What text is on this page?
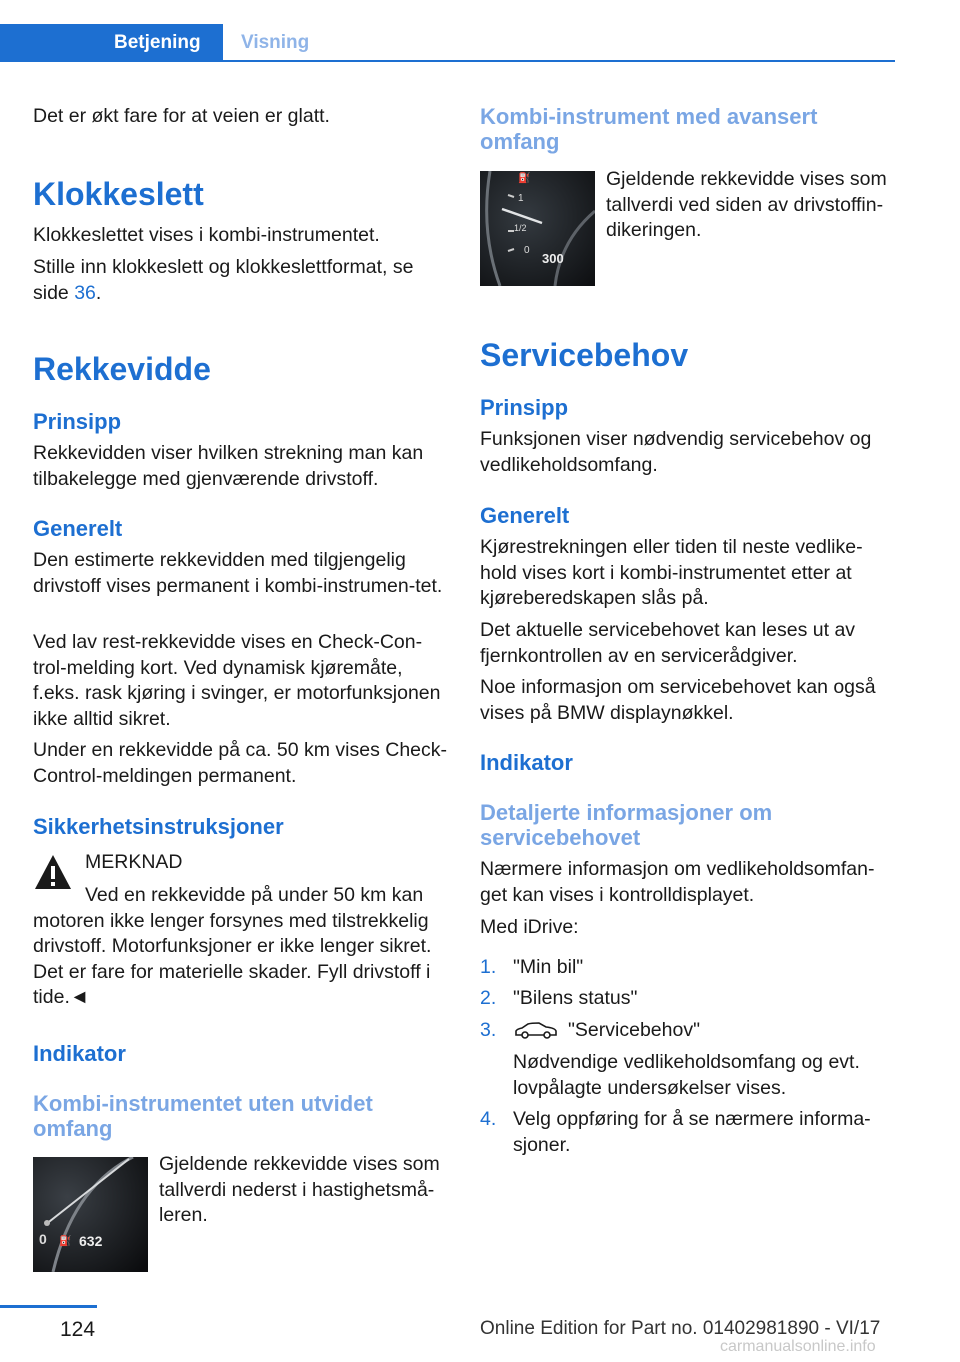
Betjening	Visning

Det er økt fare for at veien er glatt.

Klokkeslett

Klokkeslettet vises i kombi-instrumentet.

Stille inn klokkeslett og klokkeslettformat, se side 36.

Rekkevidde
Prinsipp

Rekkevidden viser hvilken strekning man kan tilbakelegge med gjenværende drivstoff.

Generelt

Den estimerte rekkevidden med tilgjengelig drivstoff vises permanent i kombi-instrumen-tet.

Ved lav rest-rekkevidde vises en Check-Con-trol-melding kort. Ved dynamisk kjøremåte, f.eks. rask kjøring i svinger, er motorfunksjonen ikke alltid sikret.

Under en rekkevidde på ca. 50 km vises Check-Control-meldingen permanent.

Sikkerhetsinstruksjoner

MERKNAD

Ved en rekkevidde på under 50 km kan motoren ikke lenger forsynes med tilstrekkelig drivstoff. Motorfunksjoner er ikke lenger sikret. Det er fare for materielle skader. Fyll drivstoff i tide.◄

Indikator
Kombi-instrumentet uten utvidet omfang
0 ⛽ 632

Gjeldende rekkevidde vises som tallverdi nederst i hastighetsmå-leren.

Kombi-instrument med avansert omfang
⛽
1
1/2
0
300

Gjeldende rekkevidde vises som tallverdi ved siden av drivstoffin-dikeringen.

Servicebehov
Prinsipp

Funksjonen viser nødvendig servicebehov og vedlikeholdsomfang.

Generelt

Kjørestrekningen eller tiden til neste vedlike-hold vises kort i kombi-instrumentet etter at kjøreberedskapen slås på.

Det aktuelle servicebehovet kan leses ut av fjernkontrollen av en servicerådgiver.

Noe informasjon om servicebehovet kan også vises på BMW displaynøkkel.

Indikator
Detaljerte informasjoner om servicebehovet

Nærmere informasjon om vedlikeholdsomfan-get kan vises i kontrolldisplayet.

Med iDrive:

1. "Min bil"

2. "Bilens status"

3.	"Servicebehov"

Nødvendige vedlikeholdsomfang og evt. lovpålagte undersøkelser vises.

4. Velg oppføring for å se nærmere informa-sjoner.

124	Online Edition for Part no. 01402981890 - VI/17
carmanualsonline.info
